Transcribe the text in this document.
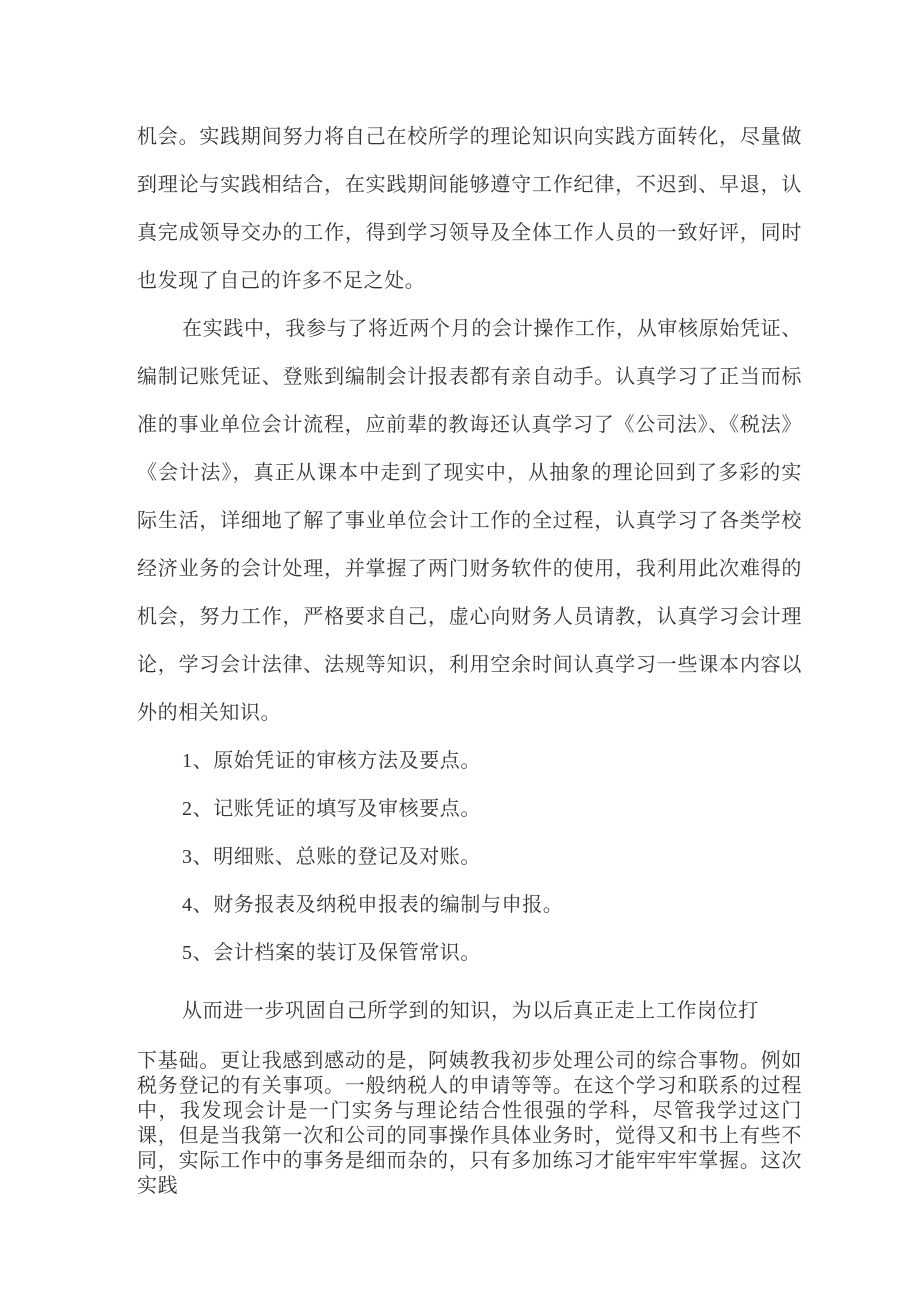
机会。实践期间努力将自己在校所学的理论知识向实践方面转化，尽量做到理论与实践相结合，在实践期间能够遵守工作纪律，不迟到、早退，认真完成领导交办的工作，得到学习领导及全体工作人员的一致好评，同时也发现了自己的许多不足之处。

在实践中，我参与了将近两个月的会计操作工作，从审核原始凭证、编制记账凭证、登账到编制会计报表都有亲自动手。认真学习了正当而标准的事业单位会计流程，应前辈的教诲还认真学习了《公司法》、《税法》《会计法》，真正从课本中走到了现实中，从抽象的理论回到了多彩的实际生活，详细地了解了事业单位会计工作的全过程，认真学习了各类学校经济业务的会计处理，并掌握了两门财务软件的使用，我利用此次难得的机会，努力工作，严格要求自己，虚心向财务人员请教，认真学习会计理论，学习会计法律、法规等知识，利用空余时间认真学习一些课本内容以外的相关知识。

1、原始凭证的审核方法及要点。

2、记账凭证的填写及审核要点。

3、明细账、总账的登记及对账。

4、财务报表及纳税申报表的编制与申报。

5、会计档案的装订及保管常识。

从而进一步巩固自己所学到的知识，为以后真正走上工作岗位打

下基础。更让我感到感动的是，阿姨教我初步处理公司的综合事物。例如税务登记的有关事项。一般纳税人的申请等等。在这个学习和联系的过程中，我发现会计是一门实务与理论结合性很强的学科，尽管我学过这门课，但是当我第一次和公司的同事操作具体业务时，觉得又和书上有些不同，实际工作中的事务是细而杂的，只有多加练习才能牢牢牢掌握。这次实践
